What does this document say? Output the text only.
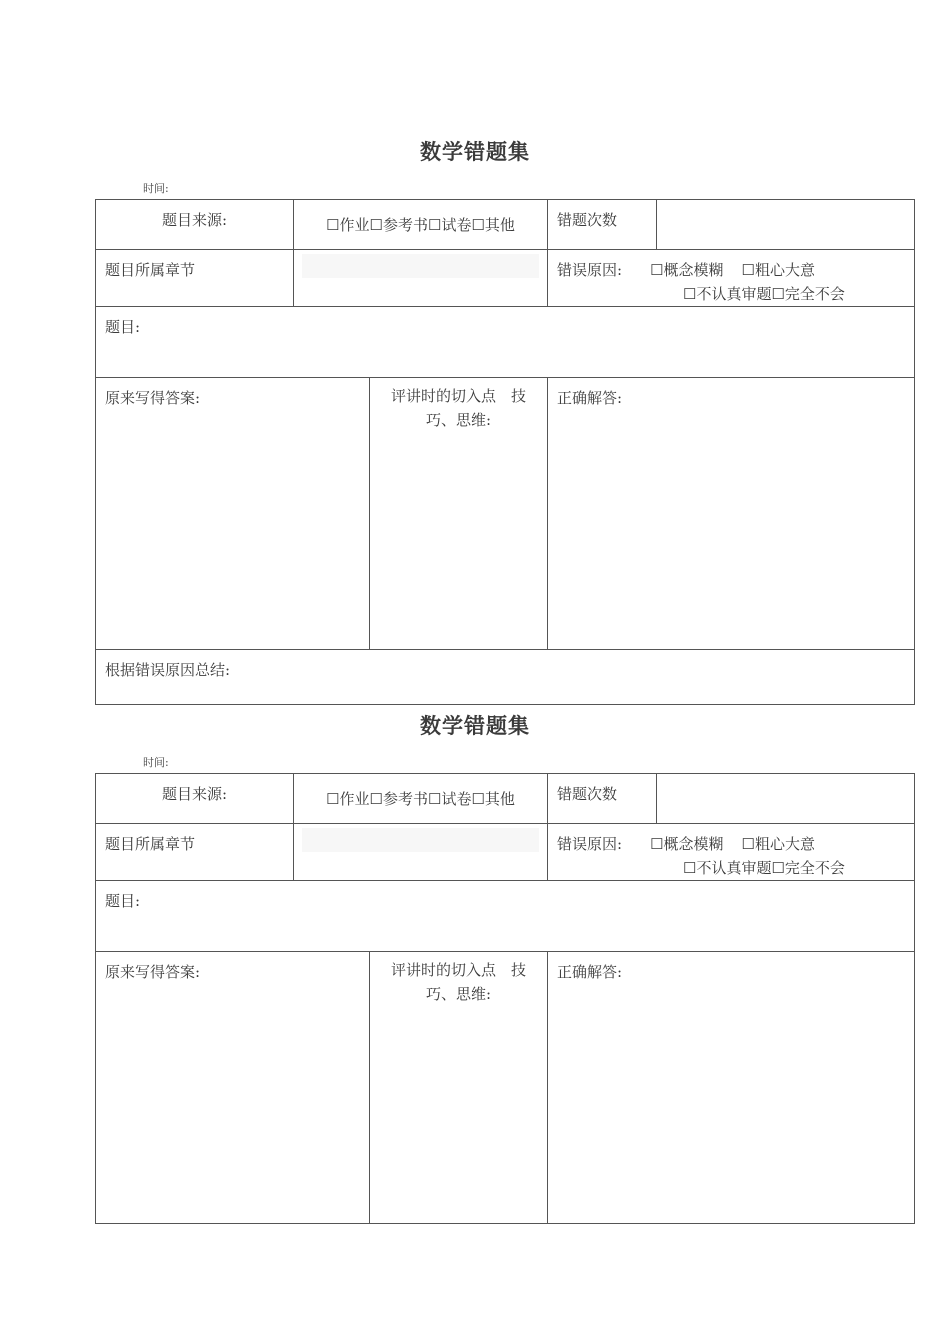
数学错题集
时间:
题目来源:	☐作业☐参考书☐试卷☐其他		错题次数	

题目所属章节			错误原因: ☐概念模糊 ☐粗心大意
☐不认真审题☐完全不会	

题目:				

原来写得答案:		评讲时的切入点　技巧、思维:	正确解答:	

根据错误原因总结:				
数学错题集
时间:
题目来源:	☐作业☐参考书☐试卷☐其他		错题次数	

题目所属章节			错误原因: ☐概念模糊 ☐粗心大意
☐不认真审题☐完全不会	

题目:				

原来写得答案:		评讲时的切入点　技巧、思维:	正确解答:	
